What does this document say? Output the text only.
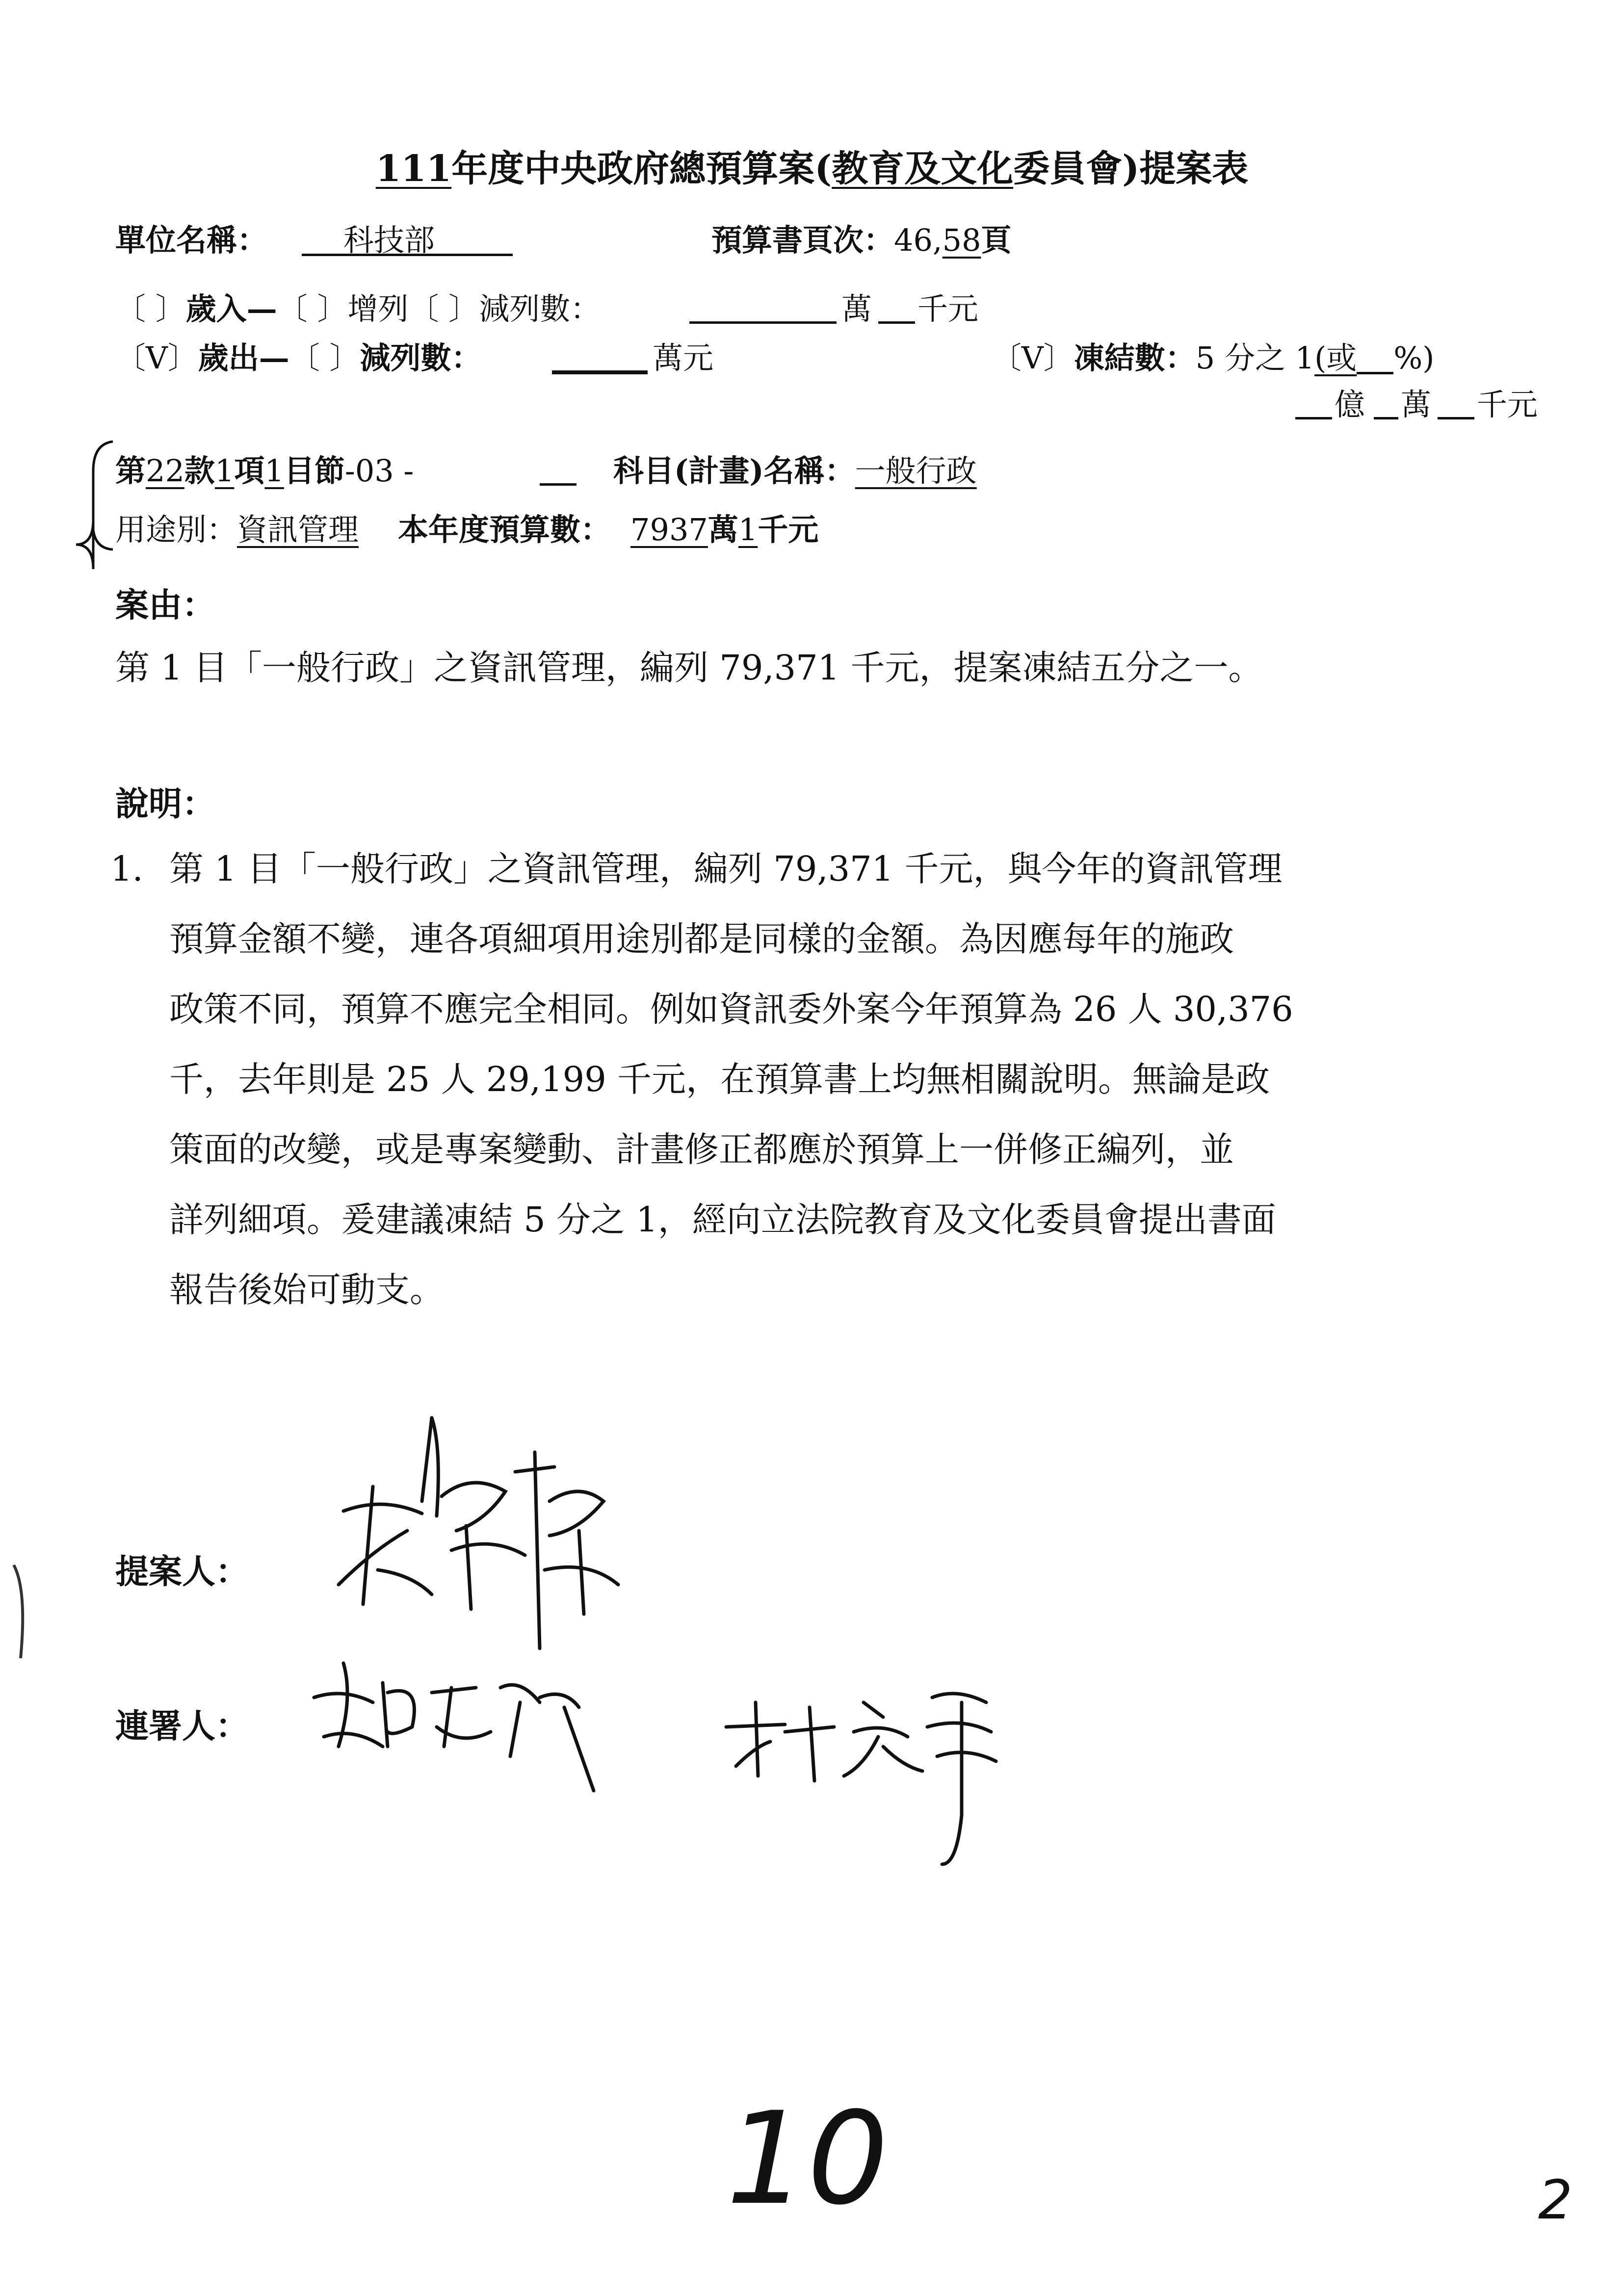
111年度中央政府總預算案(教育及文化委員會)提案表
單位名稱： 科技部	預算書頁次：46,58頁
〔 〕歲入—〔 〕增列〔 〕減列數：	萬 千元
〔V〕歲出—〔 〕減列數：	萬元	〔V〕凍結數：5 分之 1(或 %)
億 萬 千元
第22款1項1目節-03 -	科目(計畫)名稱：一般行政
用途別：資訊管理 本年度預算數： 7937萬1千元
案由：
第 1 目「一般行政」之資訊管理，編列 79,371 千元，提案凍結五分之一。
說明：
1. 第 1 目「一般行政」之資訊管理，編列 79,371 千元，與今年的資訊管理
預算金額不變，連各項細項用途別都是同樣的金額。為因應每年的施政
政策不同，預算不應完全相同。例如資訊委外案今年預算為 26 人 30,376
千，去年則是 25 人 29,199 千元，在預算書上均無相關說明。無論是政
策面的改變，或是專案變動、計畫修正都應於預算上一併修正編列，並
詳列細項。爰建議凍結 5 分之 1，經向立法院教育及文化委員會提出書面
報告後始可動支。
提案人：
連署人：
10	2
